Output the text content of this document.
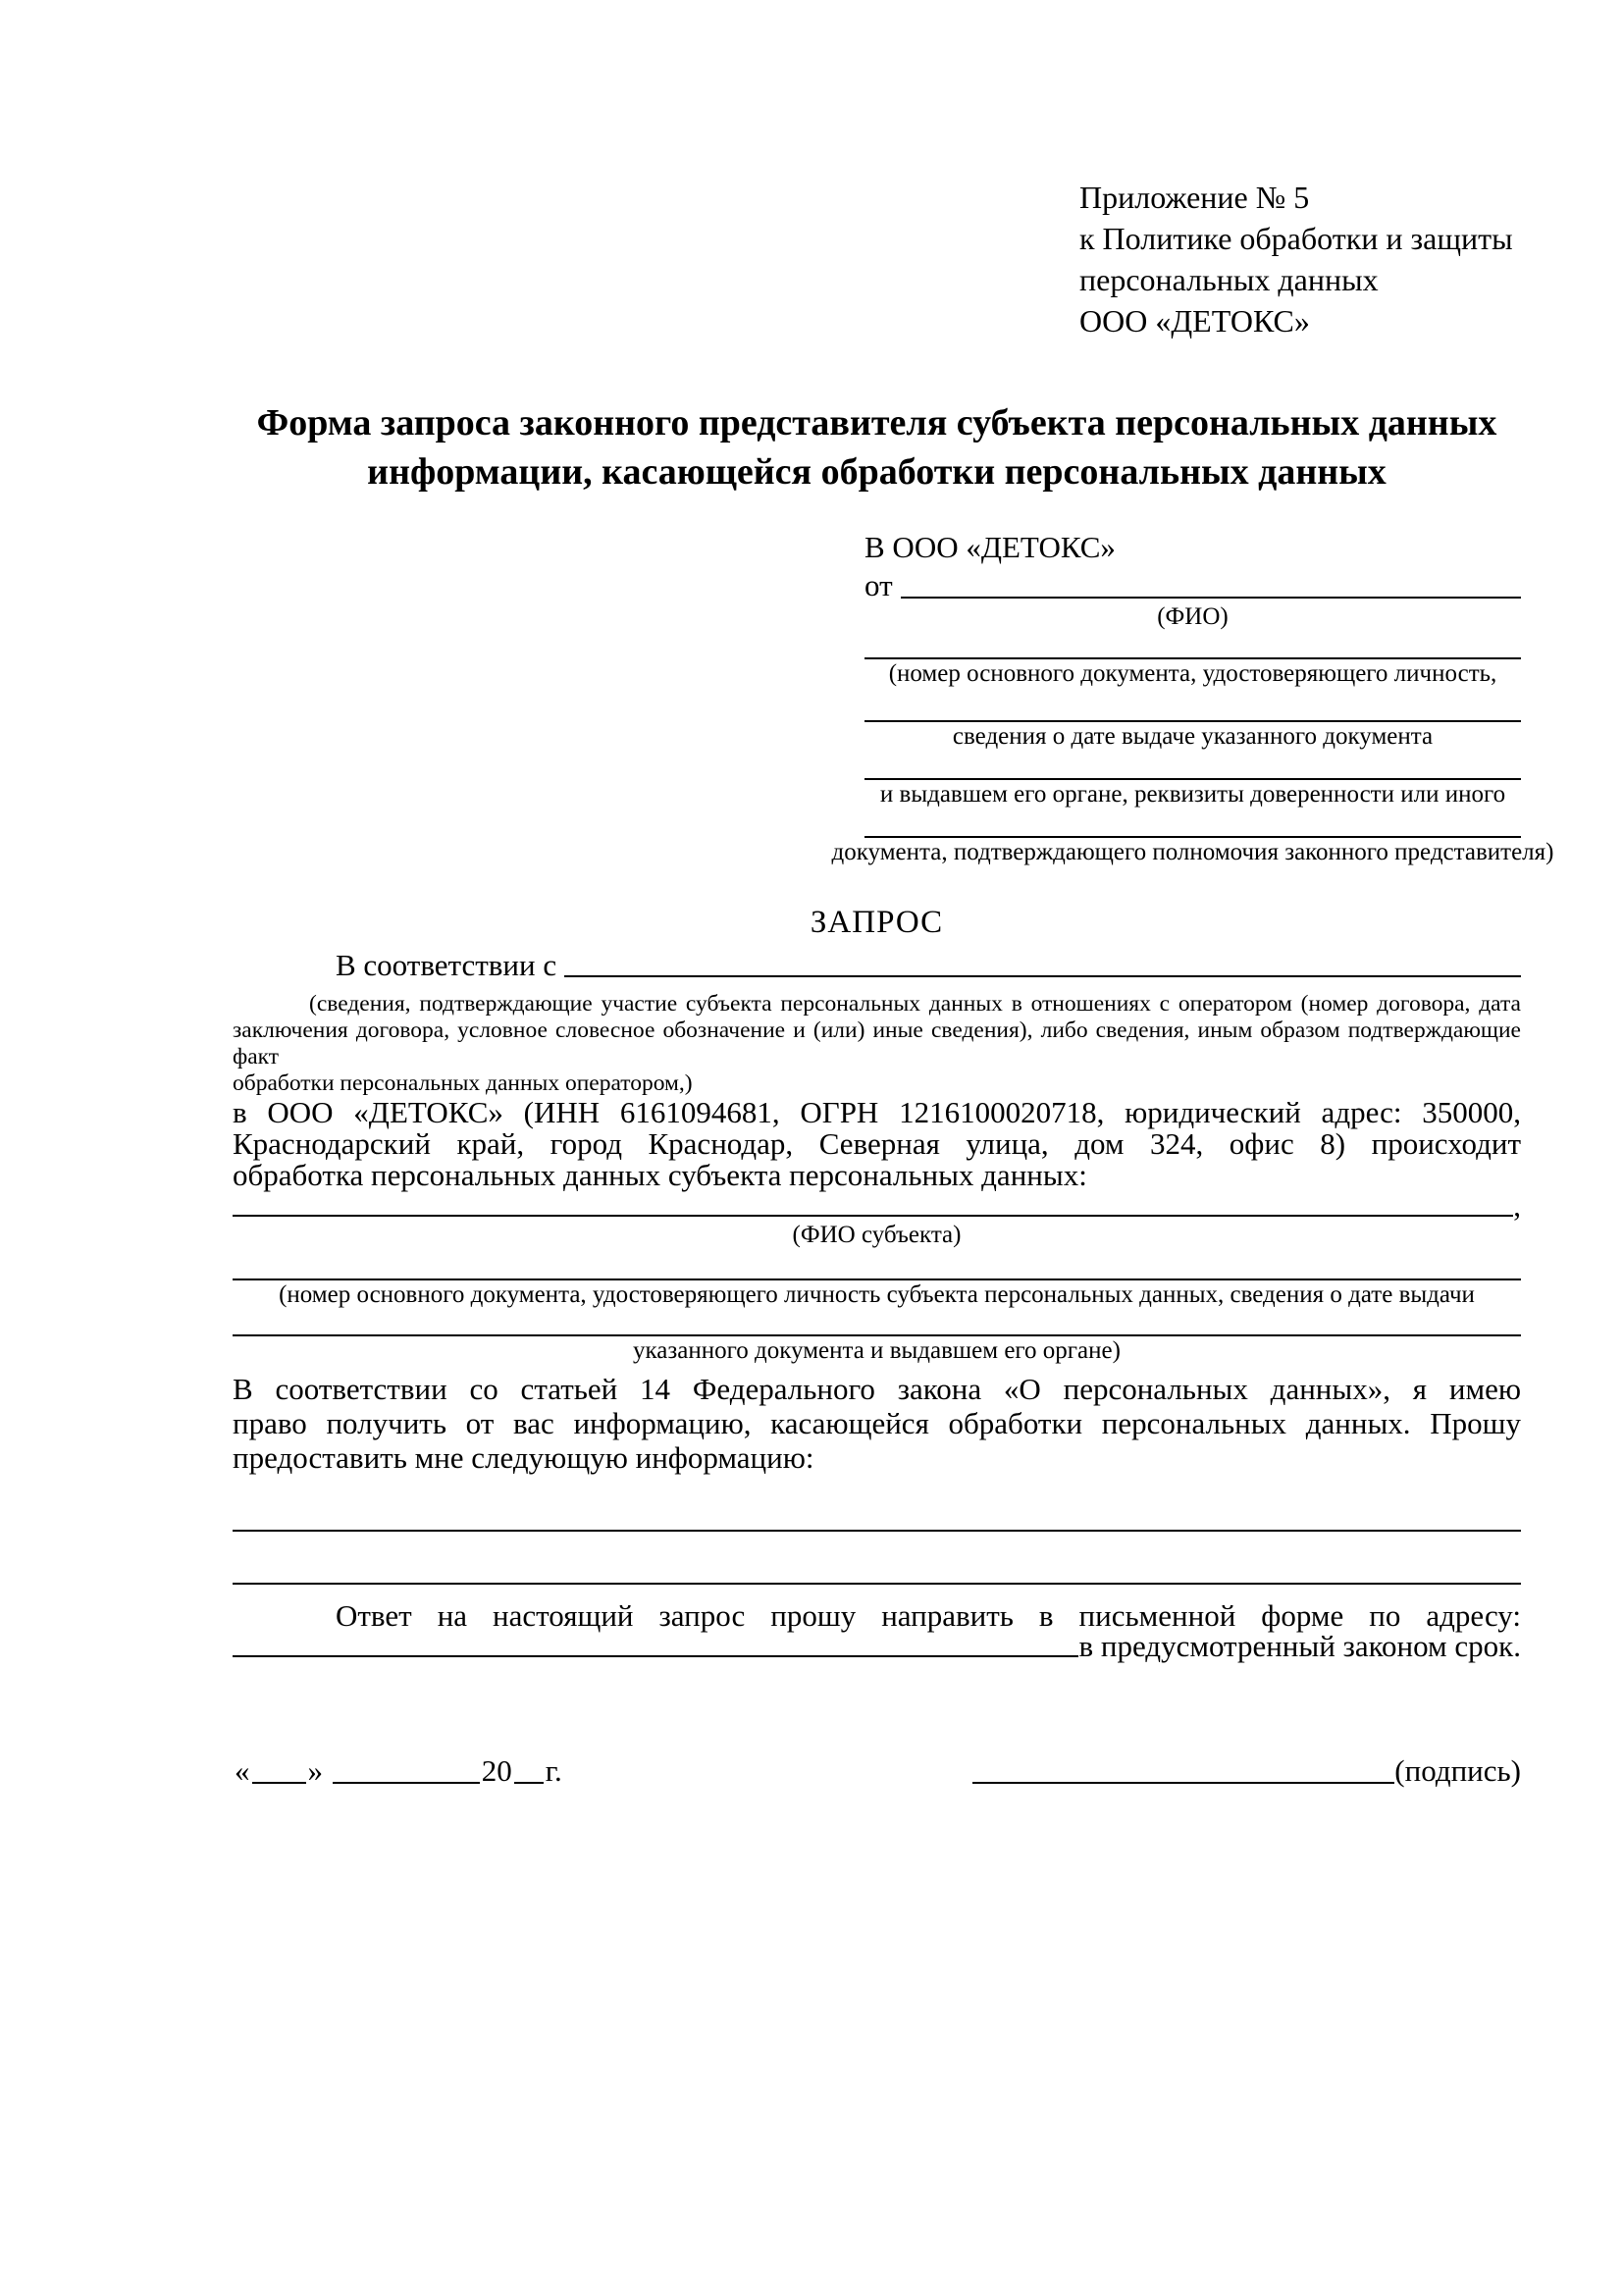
Приложение № 5
к Политике обработки и защиты
персональных данных
ООО «ДЕТОКС»
Форма запроса законного представителя субъекта персональных данных
информации, касающейся обработки персональных данных
В ООО «ДЕТОКС»
от
(ФИО)
(номер основного документа, удостоверяющего личность,
сведения о дате выдаче указанного документа
и выдавшем его органе, реквизиты доверенности или иного
документа, подтверждающего полномочия законного представителя)
ЗАПРОС
В соответствии с
(сведения, подтверждающие участие субъекта персональных данных в отношениях с оператором (номер договора, дата
заключения договора, условное словесное обозначение и (или) иные сведения), либо сведения, иным образом подтверждающие факт
обработки персональных данных оператором,)
в ООО «ДЕТОКС» (ИНН 6161094681, ОГРН 1216100020718, юридический адрес: 350000,
Краснодарский край, город Краснодар, Северная улица, дом 324, офис 8) происходит
обработка персональных данных субъекта персональных данных:
,
(ФИО субъекта)
(номер основного документа, удостоверяющего личность субъекта персональных данных, сведения о дате выдачи
указанного документа и выдавшем его органе)
В соответствии со статьей 14 Федерального закона «О персональных данных», я имею
право получить от вас информацию, касающейся обработки персональных данных. Прошу
предоставить мне следующую информацию:
Ответ на настоящий запрос прошу направить в письменной форме по адресу:
в предусмотренный законом срок.
« »	20 г.	(подпись)
